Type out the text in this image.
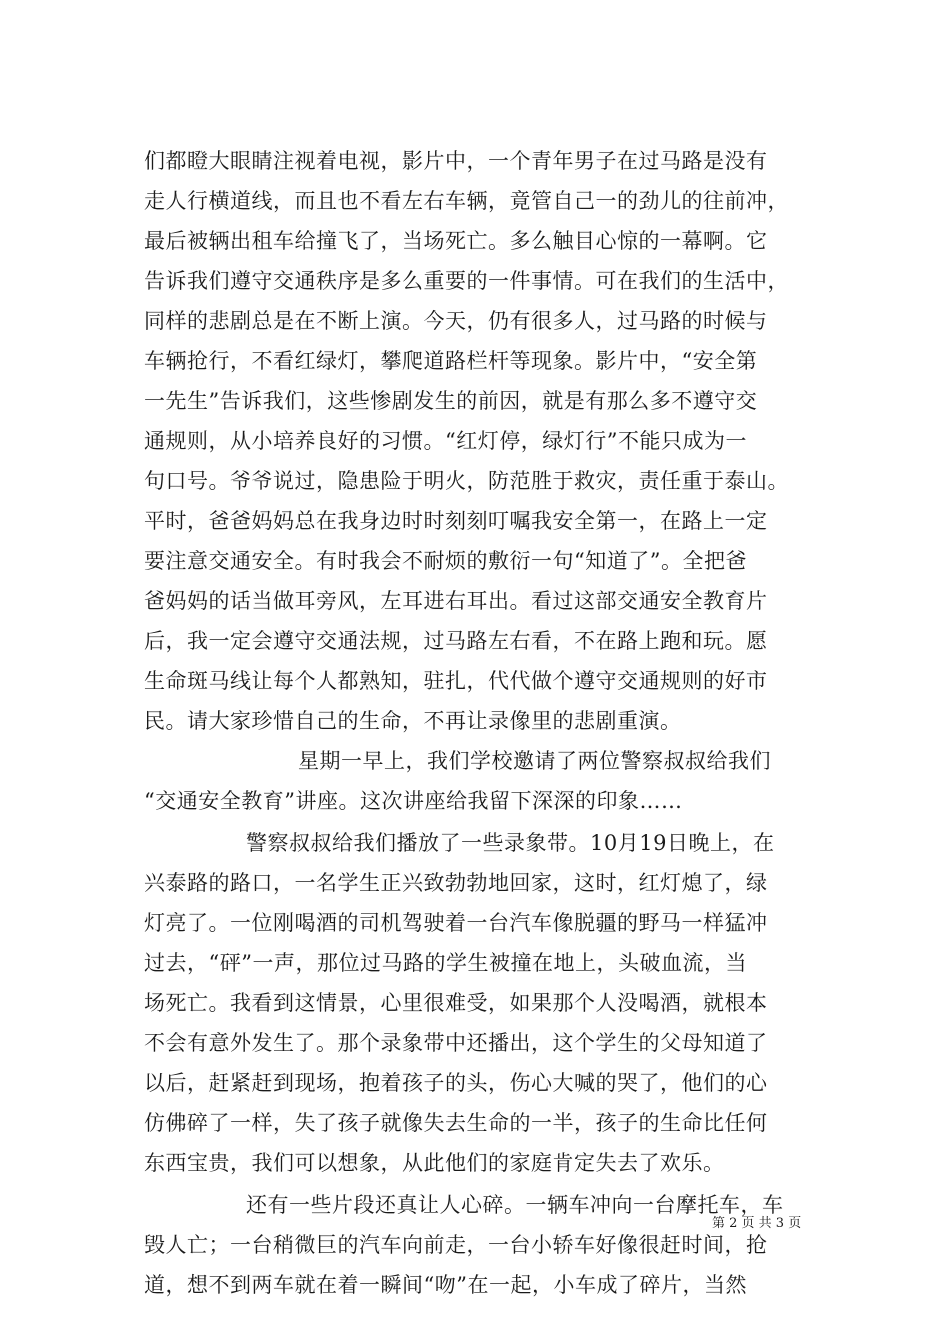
们都瞪大眼睛注视着电视，影片中，一个青年男子在过马路是没有
走人行横道线，而且也不看左右车辆，竟管自己一的劲儿的往前冲，
最后被辆出租车给撞飞了，当场死亡。多么触目心惊的一幕啊。它
告诉我们遵守交通秩序是多么重要的一件事情。可在我们的生活中，
同样的悲剧总是在不断上演。今天，仍有很多人，过马路的时候与
车辆抢行，不看红绿灯，攀爬道路栏杆等现象。影片中，“安全第
一先生”告诉我们，这些惨剧发生的前因，就是有那么多不遵守交
通规则，从小培养良好的习惯。“红灯停，绿灯行”不能只成为一
句口号。爷爷说过，隐患险于明火，防范胜于救灾，责任重于泰山。
平时，爸爸妈妈总在我身边时时刻刻叮嘱我安全第一，在路上一定
要注意交通安全。有时我会不耐烦的敷衍一句“知道了”。全把爸
爸妈妈的话当做耳旁风，左耳进右耳出。看过这部交通安全教育片
后，我一定会遵守交通法规，过马路左右看，不在路上跑和玩。愿
生命斑马线让每个人都熟知，驻扎，代代做个遵守交通规则的好市
民。请大家珍惜自己的生命，不再让录像里的悲剧重演。
星期一早上，我们学校邀请了两位警察叔叔给我们
“交通安全教育”讲座。这次讲座给我留下深深的印象……
警察叔叔给我们播放了一些录象带。10月19日晚上，在
兴泰路的路口，一名学生正兴致勃勃地回家，这时，红灯熄了，绿
灯亮了。一位刚喝酒的司机驾驶着一台汽车像脱疆的野马一样猛冲
过去，“砰”一声，那位过马路的学生被撞在地上，头破血流，当
场死亡。我看到这情景，心里很难受，如果那个人没喝酒，就根本
不会有意外发生了。那个录象带中还播出，这个学生的父母知道了
以后，赶紧赶到现场，抱着孩子的头，伤心大喊的哭了，他们的心
仿佛碎了一样，失了孩子就像失去生命的一半，孩子的生命比任何
东西宝贵，我们可以想象，从此他们的家庭肯定失去了欢乐。
还有一些片段还真让人心碎。一辆车冲向一台摩托车，车
毁人亡；一台稍微巨的汽车向前走，一台小轿车好像很赶时间，抢
道，想不到两车就在着一瞬间“吻”在一起，小车成了碎片，当然
第 2 页 共 3 页
